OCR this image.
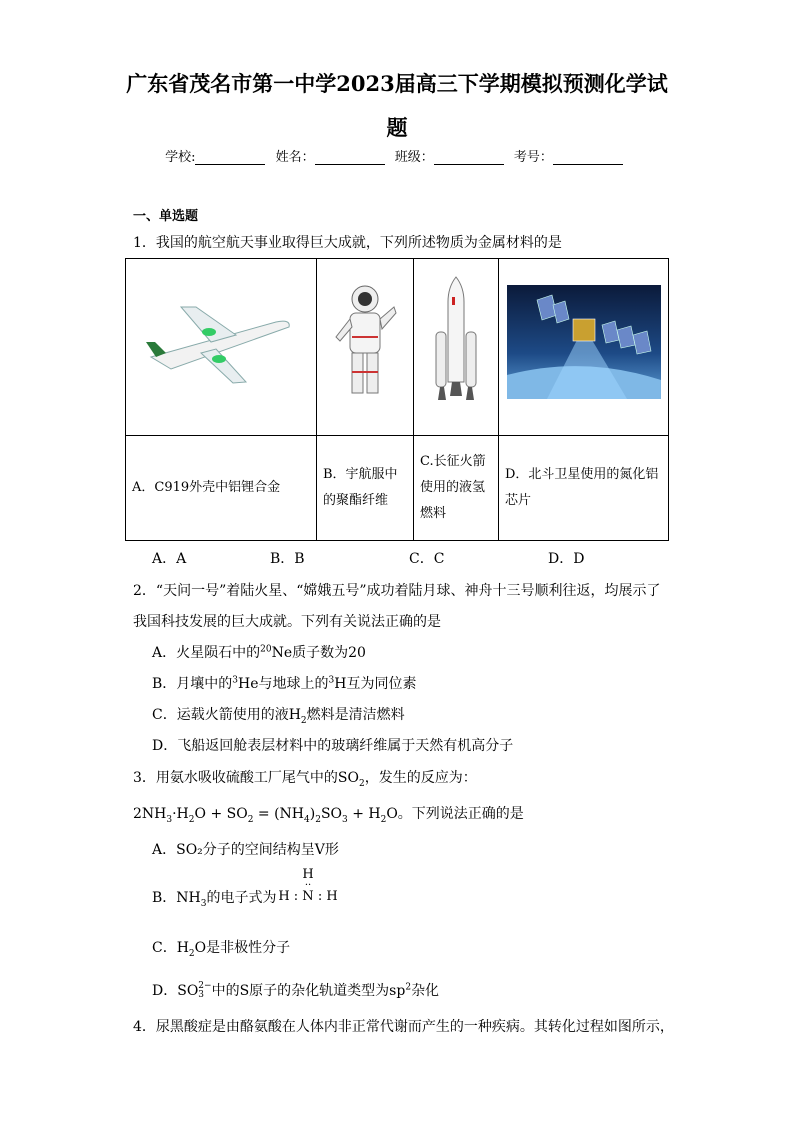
广东省茂名市第一中学2023届高三下学期模拟预测化学试
题
学校:	姓名：	班级：	考号：
一、单选题
1．我国的航空航天事业取得巨大成就，下列所述物质为金属材料的是

A．C919外壳中铝锂合金	B．宇航服中的聚酯纤维	C.长征火箭使用的液氢燃料	D．北斗卫星使用的氮化铝芯片
A．A	B．B	C．C	D．D
2．“天问一号”着陆火星、“嫦娥五号”成功着陆月球、神舟十三号顺利往返，均展示了
我国科技发展的巨大成就。下列有关说法正确的是
A．火星陨石中的$^{20}$Ne质子数为20
B．月壤中的$^3$He与地球上的$^3$H互为同位素
C．运载火箭使用的液$H_2$燃料是清洁燃料
D．飞船返回舱表层材料中的玻璃纤维属于天然有机高分子
3．用氨水吸收硫酸工厂尾气中的$SO_2$，发生的反应为：
$2NH_3\cdot H_2O + SO_2 = (NH_4)_2SO_3 + H_2O$。下列说法正确的是
A．SO₂分子的空间结构呈V形
B．$NH_3$的电子式为
H
··
H : N : H
C．$H_2O$是非极性分子
D．SO 2−
3 中的S原子的杂化轨道类型为$sp^2$杂化
4．尿黑酸症是由酪氨酸在人体内非正常代谢而产生的一种疾病。其转化过程如图所示，
